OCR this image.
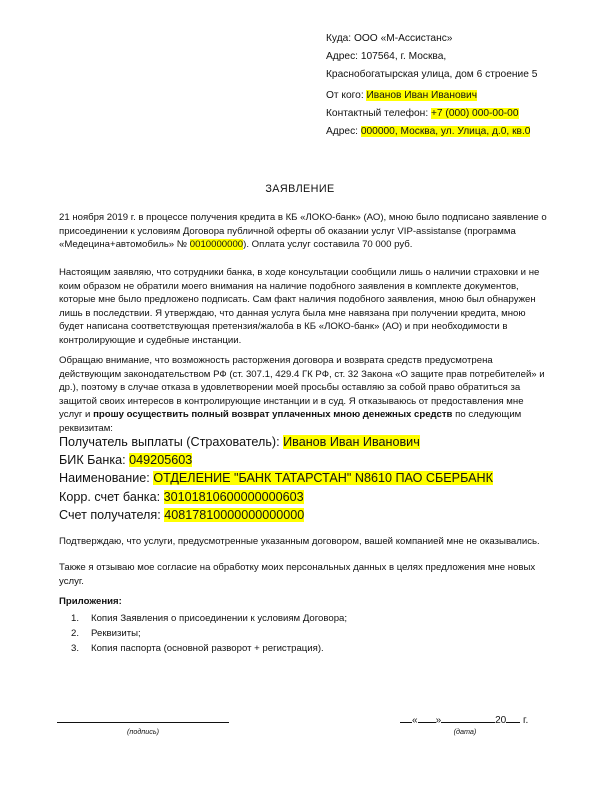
Куда: ООО «М-Ассистанс»
Адрес: 107564, г. Москва,
Краснобогатырская улица, дом 6 строение 5
От кого: Иванов Иван Иванович
Контактный телефон: +7 (000) 000-00-00
Адрес: 000000, Москва, ул. Улица, д.0, кв.0
ЗАЯВЛЕНИЕ
21 ноября 2019 г. в процессе получения кредита в КБ «ЛОКО-банк» (АО), мною было подписано заявление о присоединении к условиям Договора публичной оферты об оказании услуг VIP-assistanse (программа «Медецина+автомобиль» № 0010000000). Оплата услуг составила 70 000 руб.
Настоящим заявляю, что сотрудники банка, в ходе консультации сообщили лишь о наличии страховки и не коим образом не обратили моего внимания на наличие подобного заявления в комплекте документов, которые мне было предложено подписать. Сам факт наличия подобного заявления, мною был обнаружен лишь в последствии. Я утверждаю, что данная услуга была мне навязана при получении кредита, мною будет написана соответствующая претензия/жалоба в КБ «ЛОКО-банк» (АО) и при необходимости в контролирующие и судебные инстанции.
Обращаю внимание, что возможность расторжения договора и возврата средств предусмотрена действующим законодательством РФ (ст. 307.1, 429.4 ГК РФ, ст. 32 Закона «О защите прав потребителей» и др.), поэтому в случае отказа в удовлетворении моей просьбы оставляю за собой право обратиться за защитой своих интересов в контролирующие инстанции и в суд. Я отказываюсь от предоставления мне услуг и прошу осуществить полный возврат уплаченных мною денежных средств по следующим реквизитам:
Получатель выплаты (Страхователь): Иванов Иван Иванович
БИК Банка: 049205603
Наименование: ОТДЕЛЕНИЕ "БАНК ТАТАРСТАН" N8610 ПАО СБЕРБАНК
Корр. счет банка: 30101810600000000603
Счет получателя: 40817810000000000000
Подтверждаю, что услуги, предусмотренные указанным договором, вашей компанией мне не оказывались.
Также я отзываю мое согласие на обработку моих персональных данных в целях предложения мне новых услуг.
Приложения:
1.	Копия Заявления о присоединении к условиям Договора;
2.	Реквизиты;
3.	Копия паспорта (основной разворот + регистрация).
(подпись)
« »	20 г.
(дата)
